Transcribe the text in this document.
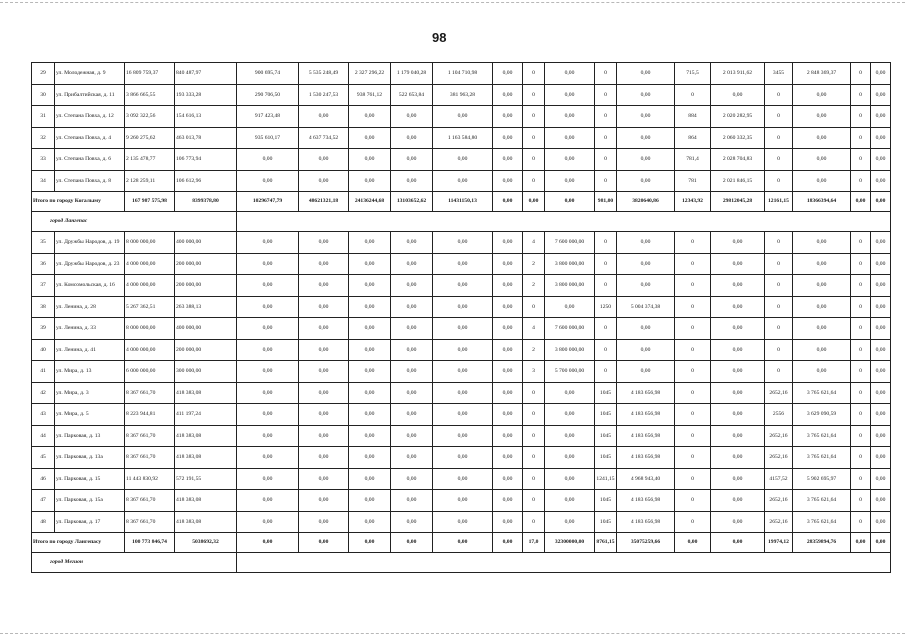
98
29	ул. Молодежная, д. 9	16 809 759,37	840 487,97	900 695,74	5 535 248,49	2 327 296,22	1 179 040,28	1 104 710,98	0,00	0	0,00	0	0,00	715,5	2 013 911,62	3455	2 848 369,37	0	0,00
30	ул. Прибалтийская, д. 11	3 866 665,55	193 333,28	290 706,50	1 530 247,53	938 761,12	522 653,84	381 963,28	0,00	0	0,00	0	0,00	0	0,00	0	0,00	0	0,00
31	ул. Степана Повха, д. 12	3 092 322,56	154 616,13	917 423,48	0,00	0,00	0,00	0,00	0,00	0	0,00	0	0,00	884	2 020 282,95	0	0,00	0	0,00
32	ул. Степана Повха, д. 4	9 260 275,62	463 013,78	935 610,17	4 637 734,52	0,00	0,00	1 163 584,80	0,00	0	0,00	0	0,00	864	2 060 332,35	0	0,00	0	0,00
33	ул. Степана Повха, д. 6	2 135 478,77	106 773,94	0,00	0,00	0,00	0,00	0,00	0,00	0	0,00	0	0,00	781,4	2 028 704,83	0	0,00	0	0,00
34	ул. Степана Повха, д. 8	2 128 259,11	106 612,96	0,00	0,00	0,00	0,00	0,00	0,00	0	0,00	0	0,00	781	2 021 846,15	0	0,00	0	0,00
Итого по городу Когалыму		167 987 575,98	8399378,80	10296747,79	48621321,18	24136244,68	13103652,62	11431150,13	0,00	0,00	0,00	981,00	3820640,86	12343,92	29812045,28	12161,15	18366394,64	0,00	0,00
город Лангепас																			
35	ул. Дружбы Народов, д. 19	8 000 000,00	400 000,00	0,00	0,00	0,00	0,00	0,00	0,00	4	7 600 000,00	0	0,00	0	0,00	0	0,00	0	0,00
36	ул. Дружбы Народов, д. 23	4 000 000,00	200 000,00	0,00	0,00	0,00	0,00	0,00	0,00	2	3 800 000,00	0	0,00	0	0,00	0	0,00	0	0,00
37	ул. Комсомольская, д. 16	4 000 000,00	200 000,00	0,00	0,00	0,00	0,00	0,00	0,00	2	3 800 000,00	0	0,00	0	0,00	0	0,00	0	0,00
38	ул. Ленина, д. 28	5 267 362,51	263 388,13	0,00	0,00	0,00	0,00	0,00	0,00	0	0,00	1250	5 004 374,38	0	0,00	0	0,00	0	0,00
39	ул. Ленина, д. 33	8 000 000,00	400 000,00	0,00	0,00	0,00	0,00	0,00	0,00	4	7 600 000,00	0	0,00	0	0,00	0	0,00	0	0,00
40	ул. Ленина, д. 41	4 000 000,00	200 000,00	0,00	0,00	0,00	0,00	0,00	0,00	2	3 800 000,00	0	0,00	0	0,00	0	0,00	0	0,00
41	ул. Мира, д. 13	6 000 000,00	300 000,00	0,00	0,00	0,00	0,00	0,00	0,00	3	5 700 000,00	0	0,00	0	0,00	0	0,00	0	0,00
42	ул. Мира, д. 3	8 367 661,70	418 383,08	0,00	0,00	0,00	0,00	0,00	0,00	0	0,00	1045	4 183 656,98	0	0,00	2652,16	3 765 621,64	0	0,00
43	ул. Мира, д. 5	8 223 944,81	411 197,24	0,00	0,00	0,00	0,00	0,00	0,00	0	0,00	1045	4 183 656,98	0	0,00	2556	3 629 090,59	0	0,00
44	ул. Парковая, д. 13	8 367 661,70	418 383,08	0,00	0,00	0,00	0,00	0,00	0,00	0	0,00	1045	4 183 656,98	0	0,00	2652,16	3 765 621,64	0	0,00
45	ул. Парковая, д. 13а	8 367 661,70	418 383,08	0,00	0,00	0,00	0,00	0,00	0,00	0	0,00	1045	4 183 656,98	0	0,00	2652,16	3 765 621,64	0	0,00
46	ул. Парковая, д. 15	11 443 830,92	572 191,55	0,00	0,00	0,00	0,00	0,00	0,00	0	0,00	1241,15	4 968 943,40	0	0,00	4157,52	5 902 695,97	0	0,00
47	ул. Парковая, д. 15а	8 367 661,70	418 383,08	0,00	0,00	0,00	0,00	0,00	0,00	0	0,00	1045	4 183 656,98	0	0,00	2652,16	3 765 621,64	0	0,00
48	ул. Парковая, д. 17	8 367 661,70	418 383,08	0,00	0,00	0,00	0,00	0,00	0,00	0	0,00	1045	4 183 656,98	0	0,00	2652,16	3 765 621,64	0	0,00
Итого по городу Лангепасу		100 773 846,74	5038692,32	0,00	0,00	0,00	0,00	0,00	0,00	17,0	32300000,00	8761,15	35075259,66	0,00	0,00	19974,12	28359894,76	0,00	0,00
город Мегион																			
